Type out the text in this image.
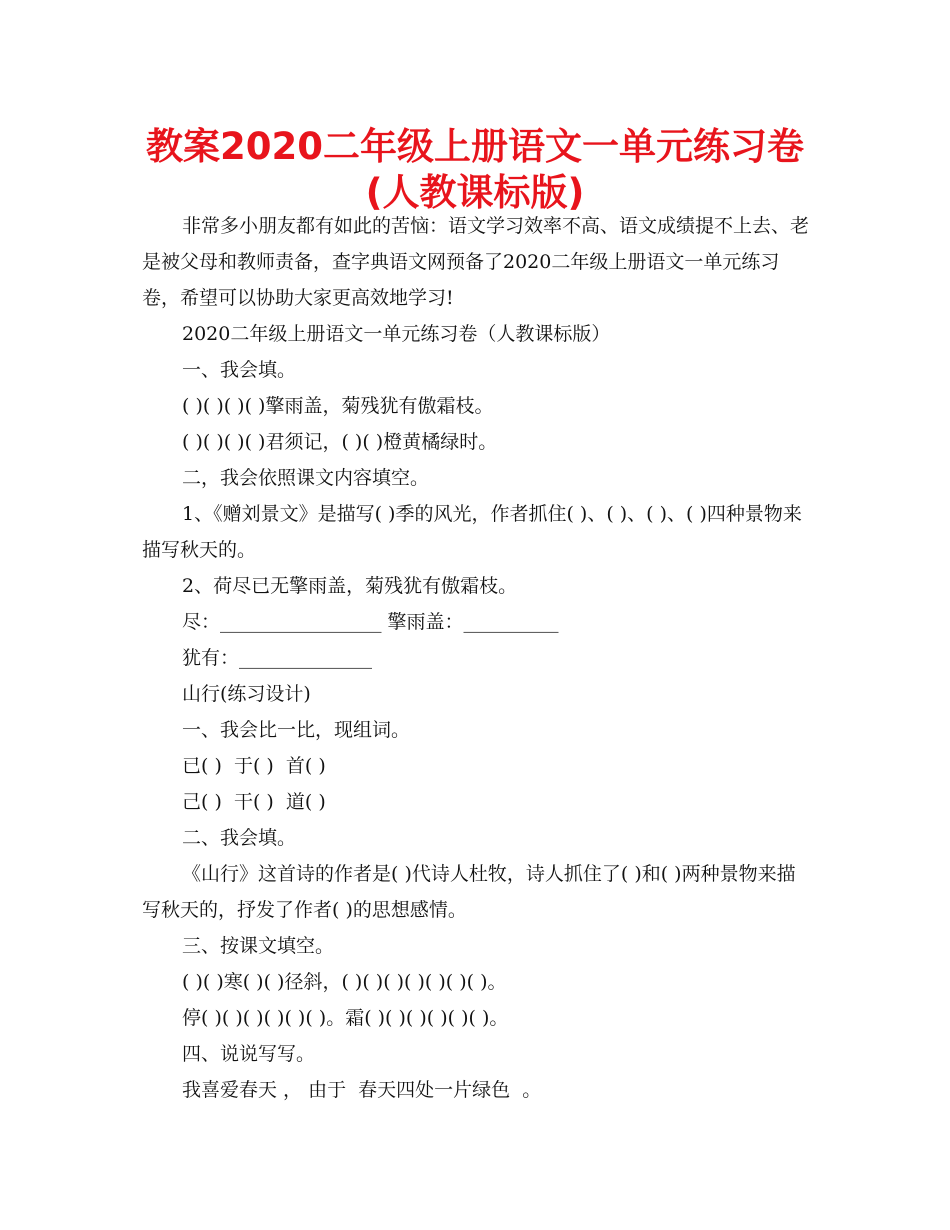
教案2020二年级上册语文一单元练习卷
(人教课标版)

非常多小朋友都有如此的苦恼：语文学习效率不高、语文成绩提不上去、老是被父母和教师责备，查字典语文网预备了2020二年级上册语文一单元练习卷，希望可以协助大家更高效地学习!

2020二年级上册语文一单元练习卷（人教课标版）

一、我会填。

( )( )( )( )擎雨盖，菊残犹有傲霜枝。

( )( )( )( )君须记，( )( )橙黄橘绿时。

二，我会依照课文内容填空。

1、《赠刘景文》是描写( )季的风光，作者抓住( )、( )、( )、( )四种景物来描写秋天的。

2、荷尽已无擎雨盖，菊残犹有傲霜枝。

尽：_________________ 擎雨盖：__________

犹有：______________

山行(练习设计)

一、我会比一比，现组词。

已( )  于( )  首( )

己( )  干( )  道( )

二、我会填。

《山行》这首诗的作者是( )代诗人杜牧，诗人抓住了( )和( )两种景物来描写秋天的，抒发了作者( )的思想感情。

三、按课文填空。

( )( )寒( )( )径斜，( )( )( )( )( )( )( )。

停( )( )( )( )( )( )。霜( )( )( )( )( )( )。

四、说说写写。

我喜爱春天 ， 由于  春天四处一片绿色  。
